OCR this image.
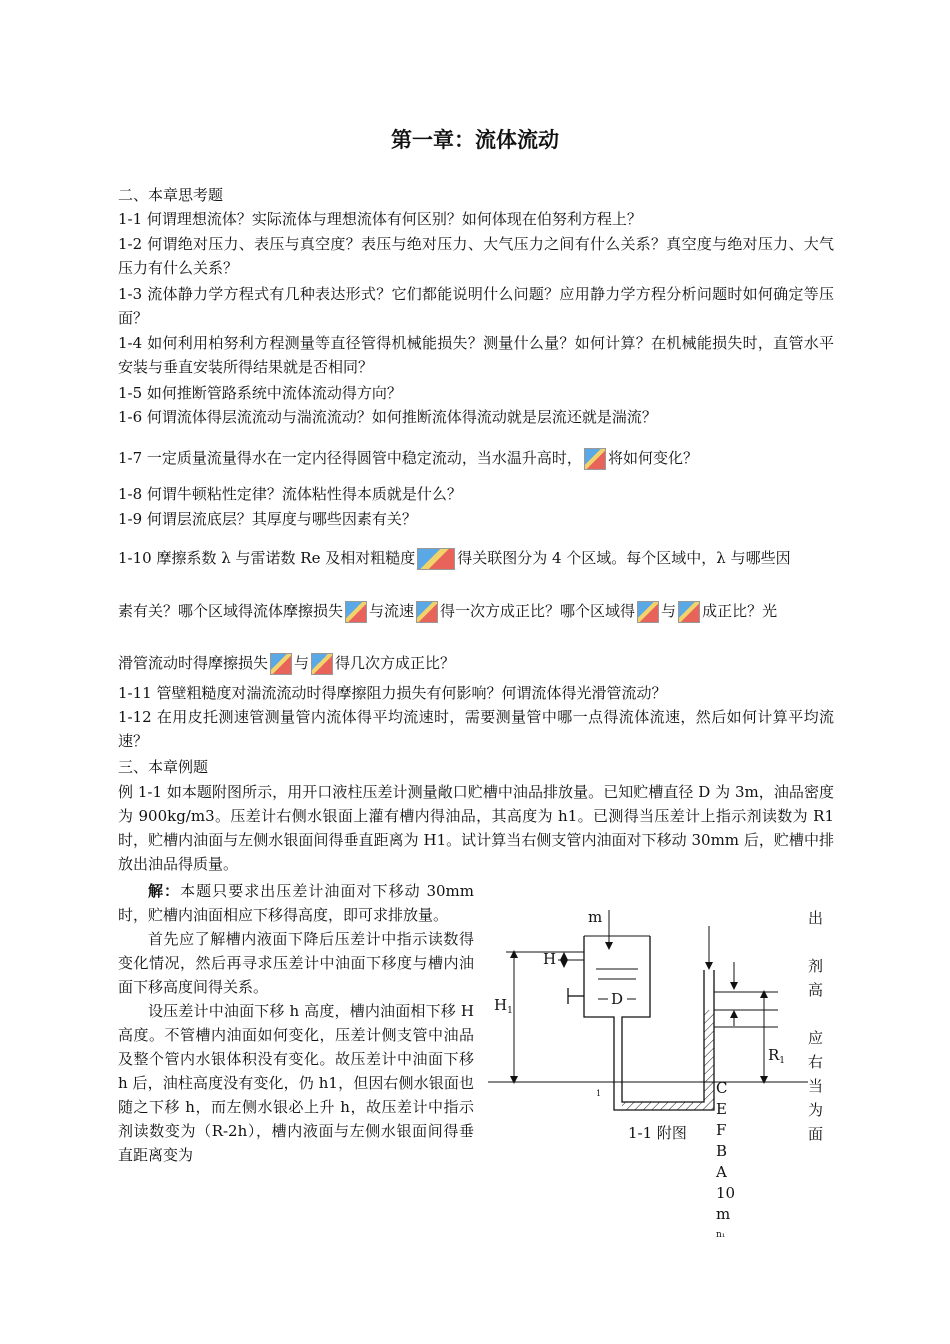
第一章：流体流动
二、本章思考题
1-1 何谓理想流体？实际流体与理想流体有何区别？如何体现在伯努利方程上？
1-2 何谓绝对压力、表压与真空度？表压与绝对压力、大气压力之间有什么关系？真空度与绝对压力、大气压力有什么关系？
1-3 流体静力学方程式有几种表达形式？它们都能说明什么问题？应用静力学方程分析问题时如何确定等压面？
1-4 如何利用柏努利方程测量等直径管得机械能损失？测量什么量？如何计算？在机械能损失时，直管水平安装与垂直安装所得结果就是否相同？
1-5 如何推断管路系统中流体流动得方向？
1-6 何谓流体得层流流动与湍流流动？如何推断流体得流动就是层流还就是湍流？
1-7 一定质量流量得水在一定内径得圆管中稳定流动，当水温升高时， 将如何变化？
1-8 何谓牛顿粘性定律？流体粘性得本质就是什么？
1-9 何谓层流底层？其厚度与哪些因素有关？
1-10 摩擦系数 λ 与雷诺数 Re 及相对粗糙度	得关联图分为 4 个区域。每个区域中，λ 与哪些因
素有关？哪个区域得流体摩擦损失 与流速 得一次方成正比？哪个区域得 与 成正比？光
滑管流动时得摩擦损失 与 得几次方成正比？
1-11 管壁粗糙度对湍流流动时得摩擦阻力损失有何影响？何谓流体得光滑管流动？
1-12 在用皮托测速管测量管内流体得平均流速时，需要测量管中哪一点得流体流速，然后如何计算平均流速？
三、本章例题
例 1-1 如本题附图所示，用开口液柱压差计测量敞口贮槽中油品排放量。已知贮槽直径 D 为 3m，油品密度为 900kg/m3。压差计右侧水银面上灌有槽内得油品，其高度为 h1。已测得当压差计上指示剂读数为 R1 时，贮槽内油面与左侧水银面间得垂直距离为 H1。试计算当右侧支管内油面对下移动 30mm 后，贮槽中排放出油品得质量。

解：本题只要求出压差计油面对下移动 30mm 时，贮槽内油面相应下移得高度，即可求排放量。

首先应了解槽内液面下降后压差计中指示读数得变化情况，然后再寻求压差计中油面下移度与槽内油面下移高度间得关系。

设压差计中油面下移 h 高度，槽内油面相下移 H 高度。不管槽内油面如何变化，压差计侧支管中油品及整个管内水银体积没有变化。故压差计中油面下移 h 后，油柱高度没有变化，仍 h1，但因右侧水银面也随之下移 h，而左侧水银必上升 h，故压差计中指示剂读数变为（R-2h），槽内液面与左侧水银面间得垂直距离变为

出
剂
高
应
右
当
为
面
m
D
H
$H_1$
1
$R_1$
1-1 附图
C
E
F
B
A
10
m
n₁
